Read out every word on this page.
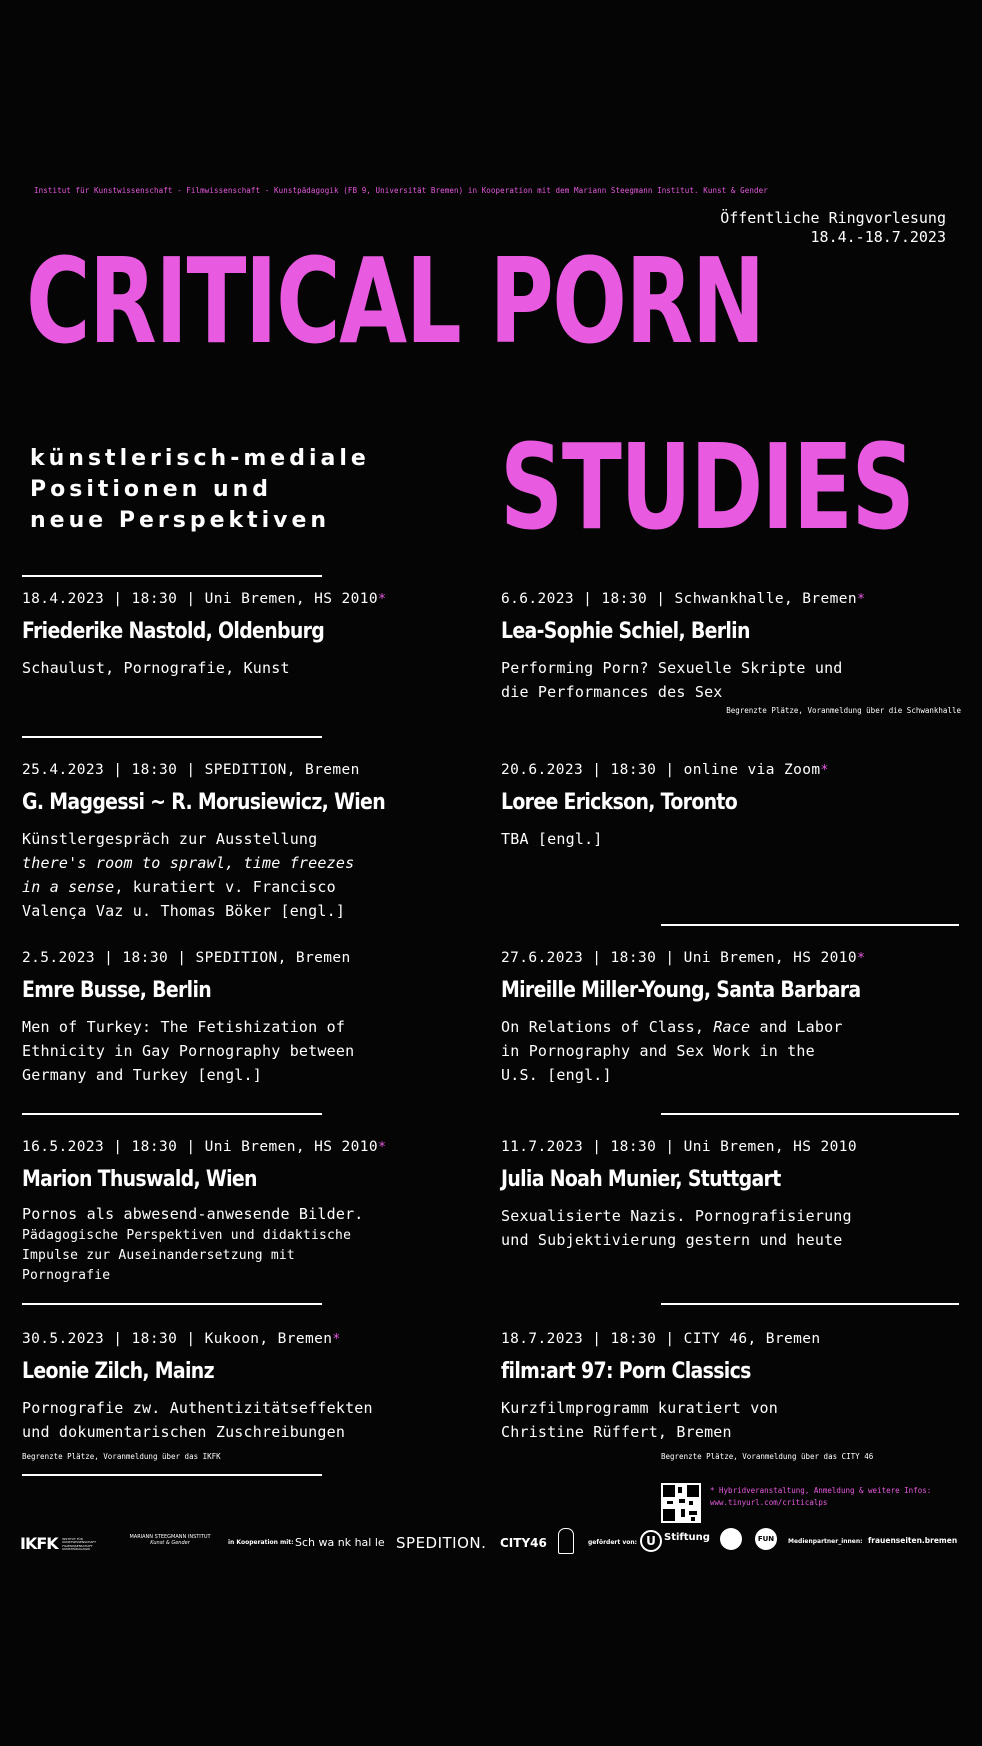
Institut für Kunstwissenschaft - Filmwissenschaft - Kunstpädagogik (FB 9, Universität Bremen) in Kooperation mit dem Mariann Steegmann Institut. Kunst & Gender
Öffentliche Ringvorlesung
18.4.-18.7.2023
CRITICAL PORN
STUDIES
künstlerisch-mediale
Positionen und
neue Perspektiven
18.4.2023 | 18:30 | Uni Bremen, HS 2010*
Friederike Nastold, Oldenburg
Schaulust, Pornografie, Kunst
25.4.2023 | 18:30 | SPEDITION, Bremen
G. Maggessi ~ R. Morusiewicz, Wien
Künstlergespräch zur Ausstellung
there's room to sprawl, time freezes
in a sense, kuratiert v. Francisco
Valença Vaz u. Thomas Böker [engl.]
2.5.2023 | 18:30 | SPEDITION, Bremen
Emre Busse, Berlin
Men of Turkey: The Fetishization of
Ethnicity in Gay Pornography between
Germany and Turkey [engl.]
16.5.2023 | 18:30 | Uni Bremen, HS 2010*
Marion Thuswald, Wien
Pornos als abwesend-anwesende Bilder.
Pädagogische Perspektiven und didaktische
Impulse zur Auseinandersetzung mit
Pornografie
30.5.2023 | 18:30 | Kukoon, Bremen*
Leonie Zilch, Mainz
Pornografie zw. Authentizitätseffekten
und dokumentarischen Zuschreibungen
Begrenzte Plätze, Voranmeldung über das IKFK
6.6.2023 | 18:30 | Schwankhalle, Bremen*
Lea-Sophie Schiel, Berlin
Performing Porn? Sexuelle Skripte und
die Performances des Sex
Begrenzte Plätze, Voranmeldung über die Schwankhalle
20.6.2023 | 18:30 | online via Zoom*
Loree Erickson, Toronto
TBA [engl.]
27.6.2023 | 18:30 | Uni Bremen, HS 2010*
Mireille Miller-Young, Santa Barbara
On Relations of Class, Race and Labor
in Pornography and Sex Work in the
U.S. [engl.]
11.7.2023 | 18:30 | Uni Bremen, HS 2010
Julia Noah Munier, Stuttgart
Sexualisierte Nazis. Pornografisierung
und Subjektivierung gestern und heute
18.7.2023 | 18:30 | CITY 46, Bremen
film:art 97: Porn Classics
Kurzfilmprogramm kuratiert von
Christine Rüffert, Bremen
Begrenzte Plätze, Voranmeldung über das CITY 46
* Hybridveranstaltung, Anmeldung & weitere Infos:
www.tinyurl.com/criticalps
IKFK INSTITUT FÜR KUNSTWISSENSCHAFT FILMWISSENSCHAFT KUNSTPÄDAGOGIK
MARIANN STEEGMANN INSTITUT
Kunst & Gender	in Kooperation mit: Sch wa nk hal le SPEDITION. CITY46	gefördert von: U Stiftung	FUN	Medienpartner_innen: frauenseiten.bremen
